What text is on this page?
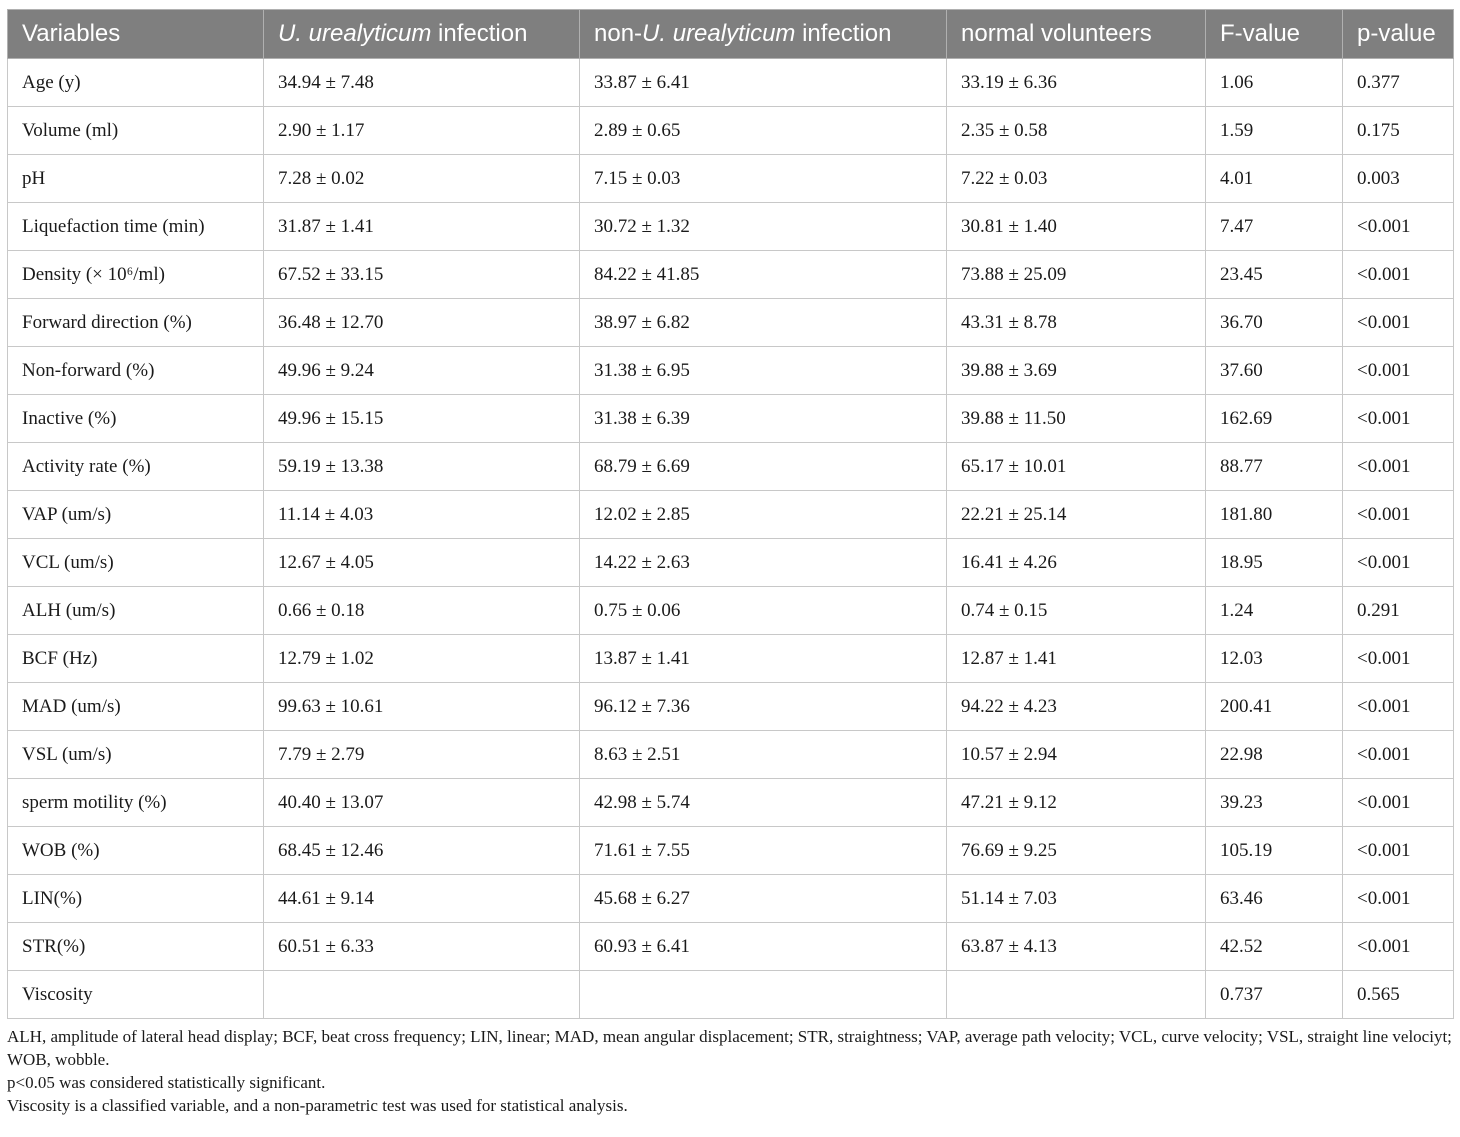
Variables	U. urealyticum infection	non-U. urealyticum infection	normal volunteers	F-value	p-value
Age (y)	34.94 ± 7.48	33.87 ± 6.41	33.19 ± 6.36	1.06	0.377
Volume (ml)	2.90 ± 1.17	2.89 ± 0.65	2.35 ± 0.58	1.59	0.175
pH	7.28 ± 0.02	7.15 ± 0.03	7.22 ± 0.03	4.01	0.003
Liquefaction time (min)	31.87 ± 1.41	30.72 ± 1.32	30.81 ± 1.40	7.47	<0.001
Density (× 10⁶/ml)	67.52 ± 33.15	84.22 ± 41.85	73.88 ± 25.09	23.45	<0.001
Forward direction (%)	36.48 ± 12.70	38.97 ± 6.82	43.31 ± 8.78	36.70	<0.001
Non-forward (%)	49.96 ± 9.24	31.38 ± 6.95	39.88 ± 3.69	37.60	<0.001
Inactive (%)	49.96 ± 15.15	31.38 ± 6.39	39.88 ± 11.50	162.69	<0.001
Activity rate (%)	59.19 ± 13.38	68.79 ± 6.69	65.17 ± 10.01	88.77	<0.001
VAP (um/s)	11.14 ± 4.03	12.02 ± 2.85	22.21 ± 25.14	181.80	<0.001
VCL (um/s)	12.67 ± 4.05	14.22 ± 2.63	16.41 ± 4.26	18.95	<0.001
ALH (um/s)	0.66 ± 0.18	0.75 ± 0.06	0.74 ± 0.15	1.24	0.291
BCF (Hz)	12.79 ± 1.02	13.87 ± 1.41	12.87 ± 1.41	12.03	<0.001
MAD (um/s)	99.63 ± 10.61	96.12 ± 7.36	94.22 ± 4.23	200.41	<0.001
VSL (um/s)	7.79 ± 2.79	8.63 ± 2.51	10.57 ± 2.94	22.98	<0.001
sperm motility (%)	40.40 ± 13.07	42.98 ± 5.74	47.21 ± 9.12	39.23	<0.001
WOB (%)	68.45 ± 12.46	71.61 ± 7.55	76.69 ± 9.25	105.19	<0.001
LIN(%)	44.61 ± 9.14	45.68 ± 6.27	51.14 ± 7.03	63.46	<0.001
STR(%)	60.51 ± 6.33	60.93 ± 6.41	63.87 ± 4.13	42.52	<0.001
Viscosity				0.737	0.565

ALH, amplitude of lateral head display; BCF, beat cross frequency; LIN, linear; MAD, mean angular displacement; STR, straightness; VAP, average path velocity; VCL, curve velocity; VSL, straight line velociyt; WOB, wobble.

p<0.05 was considered statistically significant.

Viscosity is a classified variable, and a non-parametric test was used for statistical analysis.
